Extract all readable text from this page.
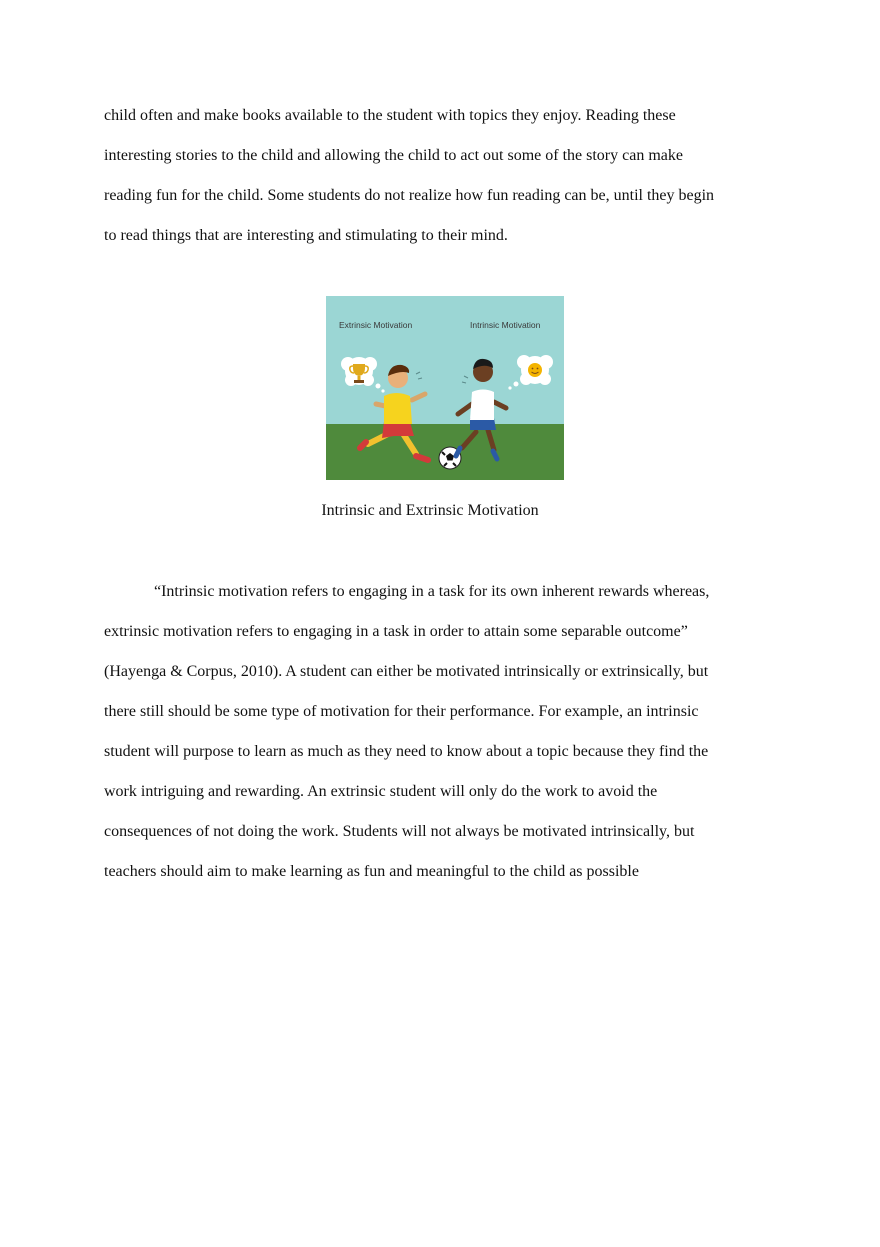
child often and make books available to the student with topics they enjoy. Reading these
interesting stories to the child and allowing the child to act out some of the story can make
reading fun for the child. Some students do not realize how fun reading can be, until they begin
to read things that are interesting and stimulating to their mind.
Extrinsic Motivation	Intrinsic Motivation
Intrinsic and Extrinsic Motivation
“Intrinsic motivation refers to engaging in a task for its own inherent rewards whereas,
extrinsic motivation refers to engaging in a task in order to attain some separable outcome”
(Hayenga & Corpus, 2010). A student can either be motivated intrinsically or extrinsically, but
there still should be some type of motivation for their performance. For example, an intrinsic
student will purpose to learn as much as they need to know about a topic because they find the
work intriguing and rewarding. An extrinsic student will only do the work to avoid the
consequences of not doing the work. Students will not always be motivated intrinsically, but
teachers should aim to make learning as fun and meaningful to the child as possible
